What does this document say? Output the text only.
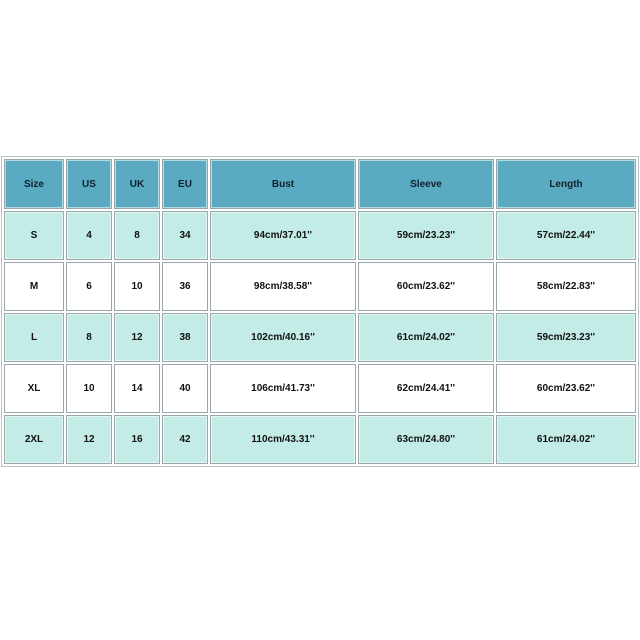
Size	US	UK	EU	Bust	Sleeve	Length
S	4	8	34	94cm/37.01''	59cm/23.23''	57cm/22.44''
M	6	10	36	98cm/38.58''	60cm/23.62''	58cm/22.83''
L	8	12	38	102cm/40.16''	61cm/24.02''	59cm/23.23''
XL	10	14	40	106cm/41.73''	62cm/24.41''	60cm/23.62''
2XL	12	16	42	110cm/43.31''	63cm/24.80''	61cm/24.02''
